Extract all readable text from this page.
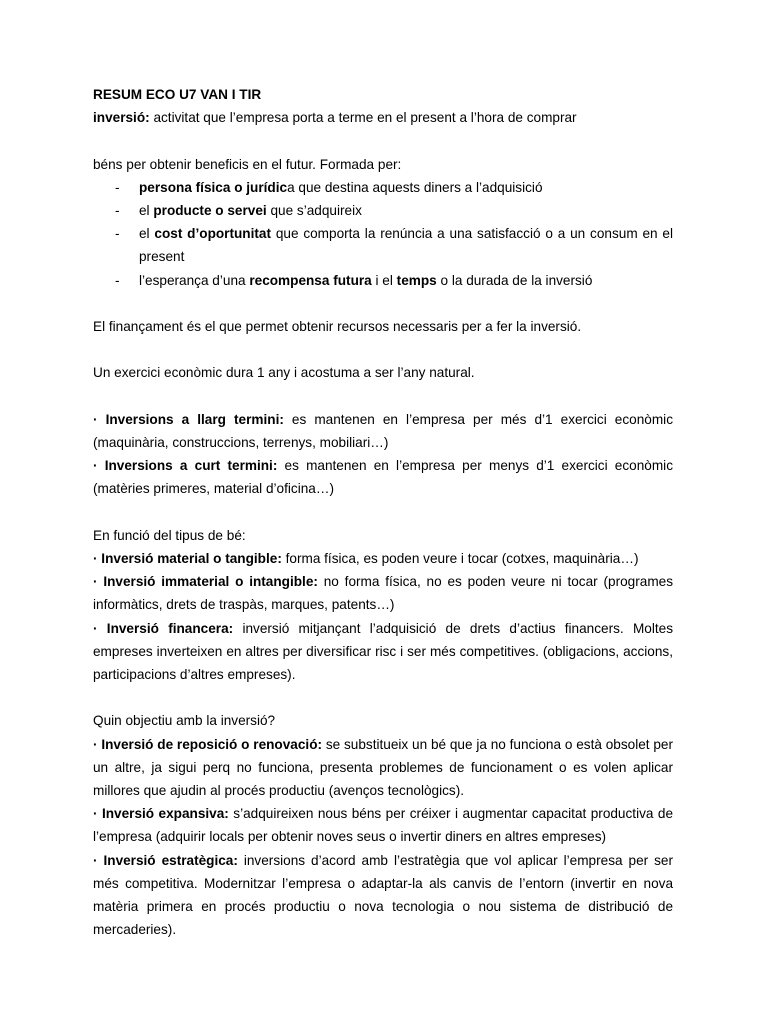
RESUM ECO U7 VAN I TIR

inversió: activitat que l’empresa porta a terme en el present a l’hora de comprar

béns per obtenir beneficis en el futur. Formada per:

- persona física o jurídica que destina aquests diners a l’adquisició
- el producte o servei que s’adquireix
- el cost d’oportunitat que comporta la renúncia a una satisfacció o a un consum en el present
- l’esperança d’una recompensa futura i el temps o la durada de la inversió

El finançament és el que permet obtenir recursos necessaris per a fer la inversió.

Un exercici econòmic dura 1 any i acostuma a ser l’any natural.

· Inversions a llarg termini: es mantenen en l’empresa per més d’1 exercici econòmic (maquinària, construccions, terrenys, mobiliari…)

· Inversions a curt termini: es mantenen en l’empresa per menys d’1 exercici econòmic (matèries primeres, material d’oficina…)

En funció del tipus de bé:

· Inversió material o tangible: forma física, es poden veure i tocar (cotxes, maquinària…)

· Inversió immaterial o intangible: no forma física, no es poden veure ni tocar (programes informàtics, drets de traspàs, marques, patents…)

· Inversió financera: inversió mitjançant l’adquisició de drets d’actius financers. Moltes empreses inverteixen en altres per diversificar risc i ser més competitives. (obligacions, accions, participacions d’altres empreses).

Quin objectiu amb la inversió?

· Inversió de reposició o renovació: se substitueix un bé que ja no funciona o està obsolet per un altre, ja sigui perq no funciona, presenta problemes de funcionament o es volen aplicar millores que ajudin al procés productiu (avenços tecnològics).

· Inversió expansiva: s’adquireixen nous béns per créixer i augmentar capacitat productiva de l’empresa (adquirir locals per obtenir noves seus o invertir diners en altres empreses)

· Inversió estratègica: inversions d’acord amb l’estratègia que vol aplicar l’empresa per ser més competitiva. Modernitzar l’empresa o adaptar-la als canvis de l’entorn (invertir en nova matèria primera en procés productiu o nova tecnologia o nou sistema de distribució de mercaderies).
